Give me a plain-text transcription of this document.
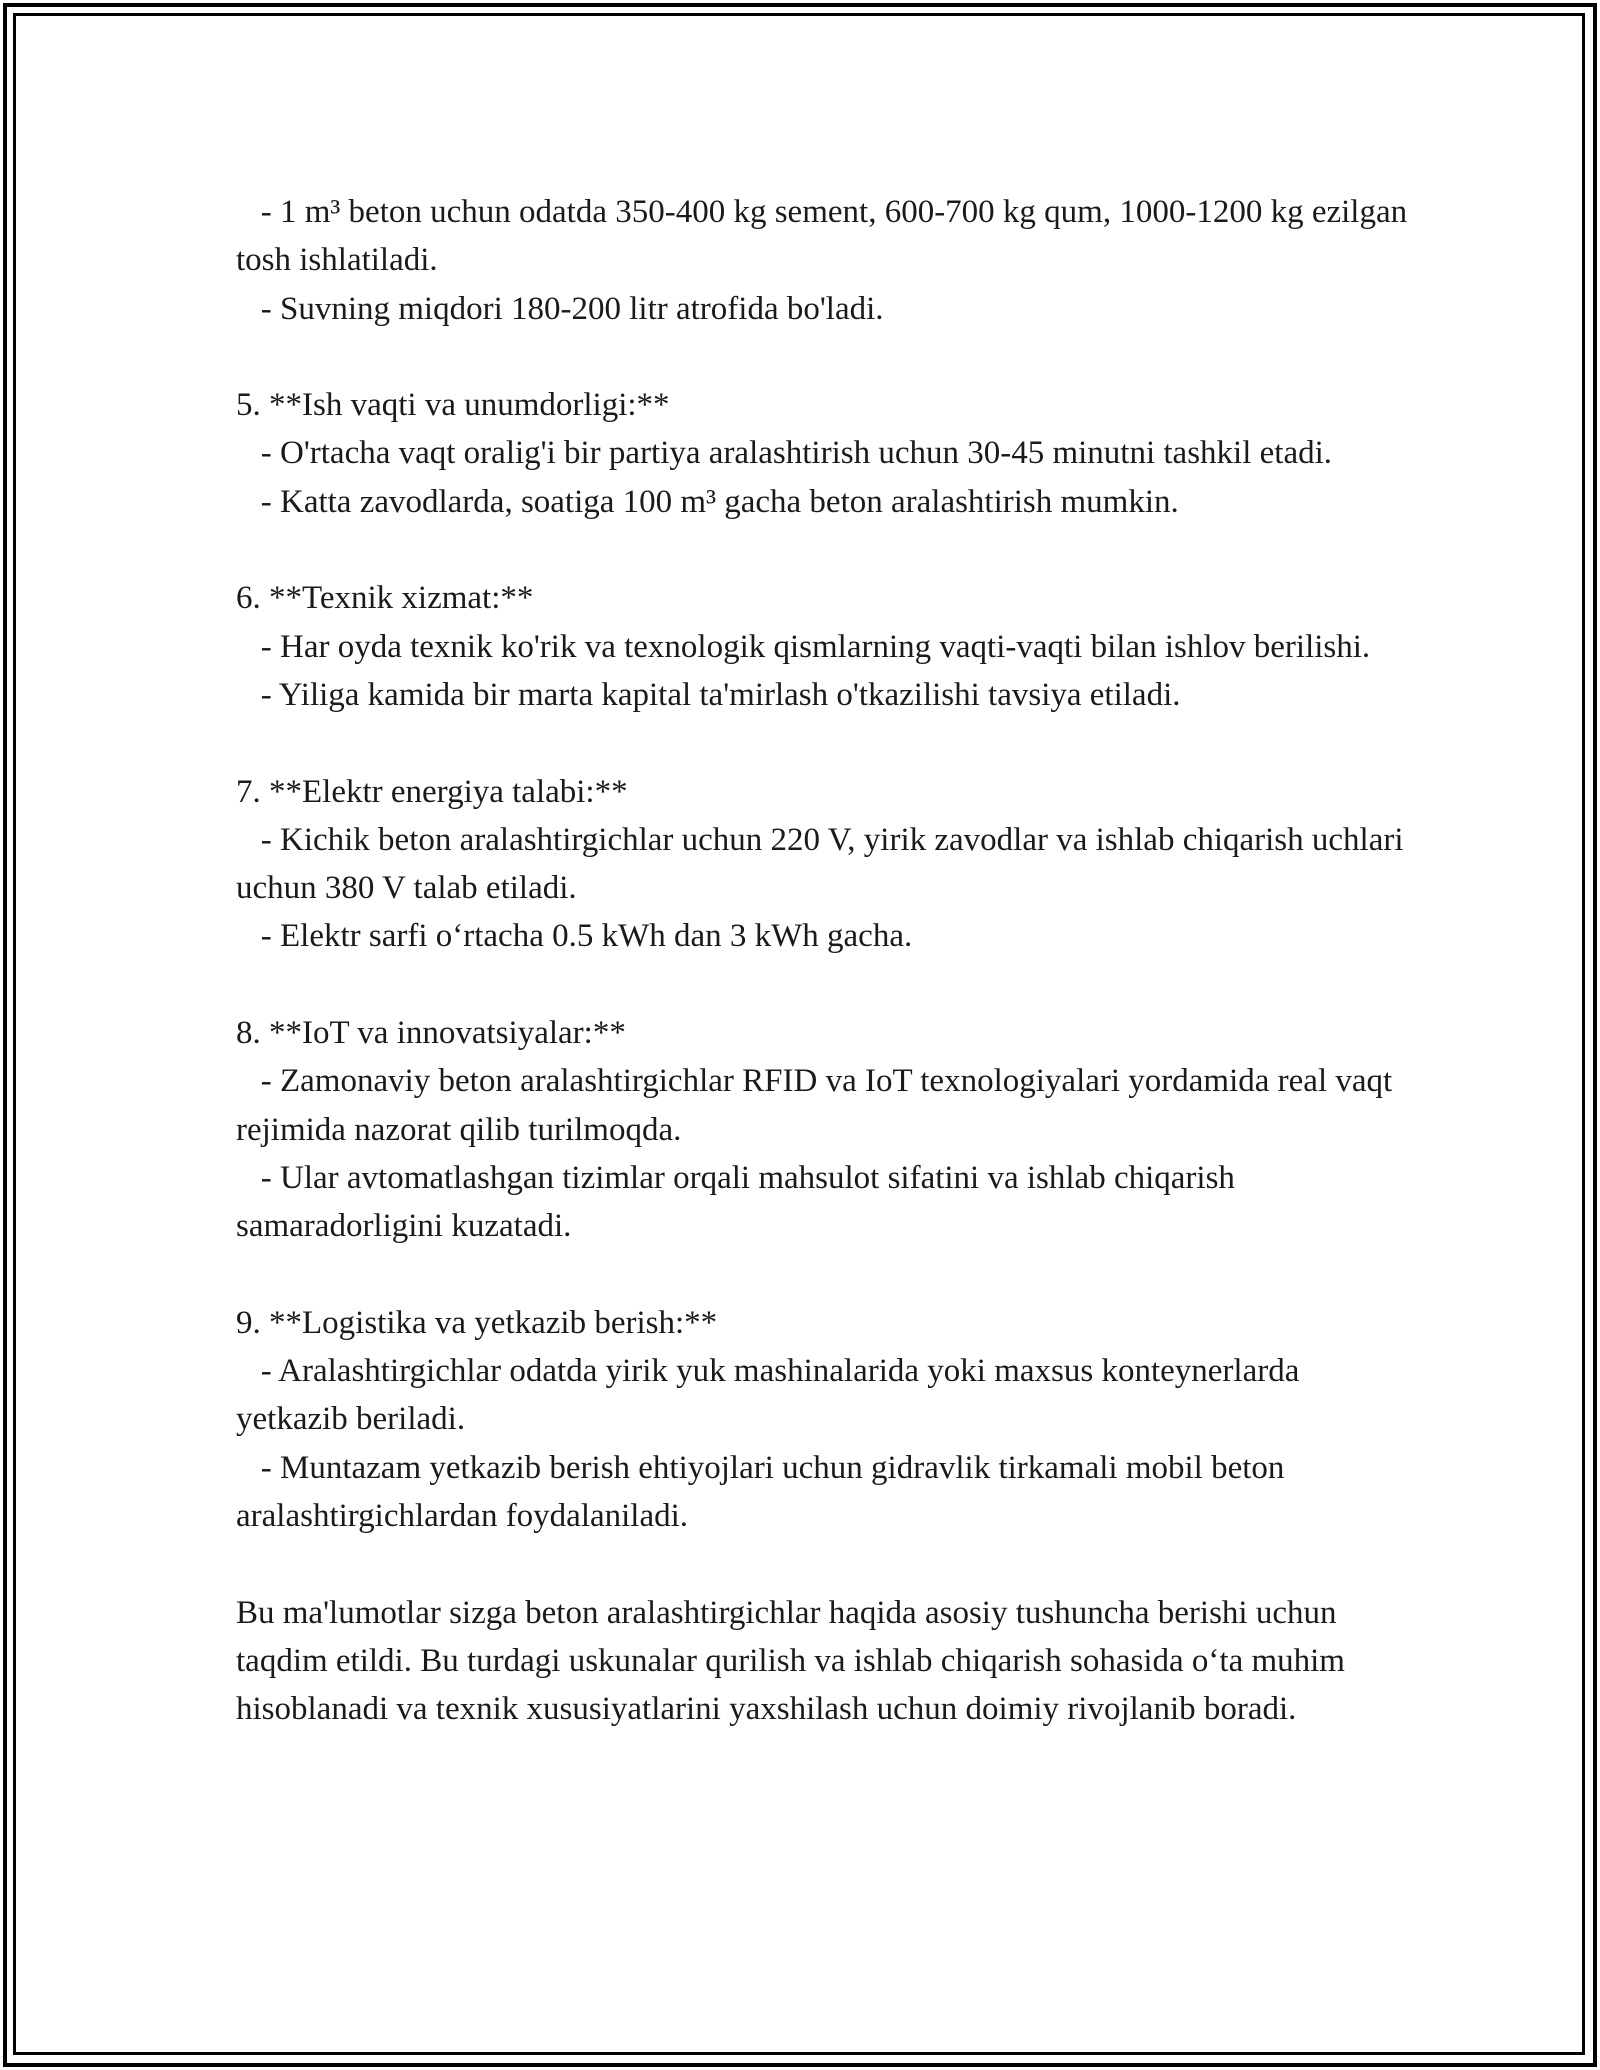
- 1 m³ beton uchun odatda 350-400 kg sement, 600-700 kg qum, 1000-1200 kg ezilgan tosh ishlatiladi.

- Suvning miqdori 180-200 litr atrofida bo'ladi.

5. **Ish vaqti va unumdorligi:**

- O'rtacha vaqt oralig'i bir partiya aralashtirish uchun 30-45 minutni tashkil etadi.

- Katta zavodlarda, soatiga 100 m³ gacha beton aralashtirish mumkin.

6. **Texnik xizmat:**

- Har oyda texnik ko'rik va texnologik qismlarning vaqti-vaqti bilan ishlov berilishi.

- Yiliga kamida bir marta kapital ta'mirlash o'tkazilishi tavsiya etiladi.

7. **Elektr energiya talabi:**

- Kichik beton aralashtirgichlar uchun 220 V, yirik zavodlar va ishlab chiqarish uchlari uchun 380 V talab etiladi.

- Elektr sarfi o‘rtacha 0.5 kWh dan 3 kWh gacha.

8. **IoT va innovatsiyalar:**

- Zamonaviy beton aralashtirgichlar RFID va IoT texnologiyalari yordamida real vaqt rejimida nazorat qilib turilmoqda.

- Ular avtomatlashgan tizimlar orqali mahsulot sifatini va ishlab chiqarish samaradorligini kuzatadi.

9. **Logistika va yetkazib berish:**

- Aralashtirgichlar odatda yirik yuk mashinalarida yoki maxsus konteynerlarda yetkazib beriladi.

- Muntazam yetkazib berish ehtiyojlari uchun gidravlik tirkamali mobil beton aralashtirgichlardan foydalaniladi.

Bu ma'lumotlar sizga beton aralashtirgichlar haqida asosiy tushuncha berishi uchun taqdim etildi. Bu turdagi uskunalar qurilish va ishlab chiqarish sohasida o‘ta muhim hisoblanadi va texnik xususiyatlarini yaxshilash uchun doimiy rivojlanib boradi.
